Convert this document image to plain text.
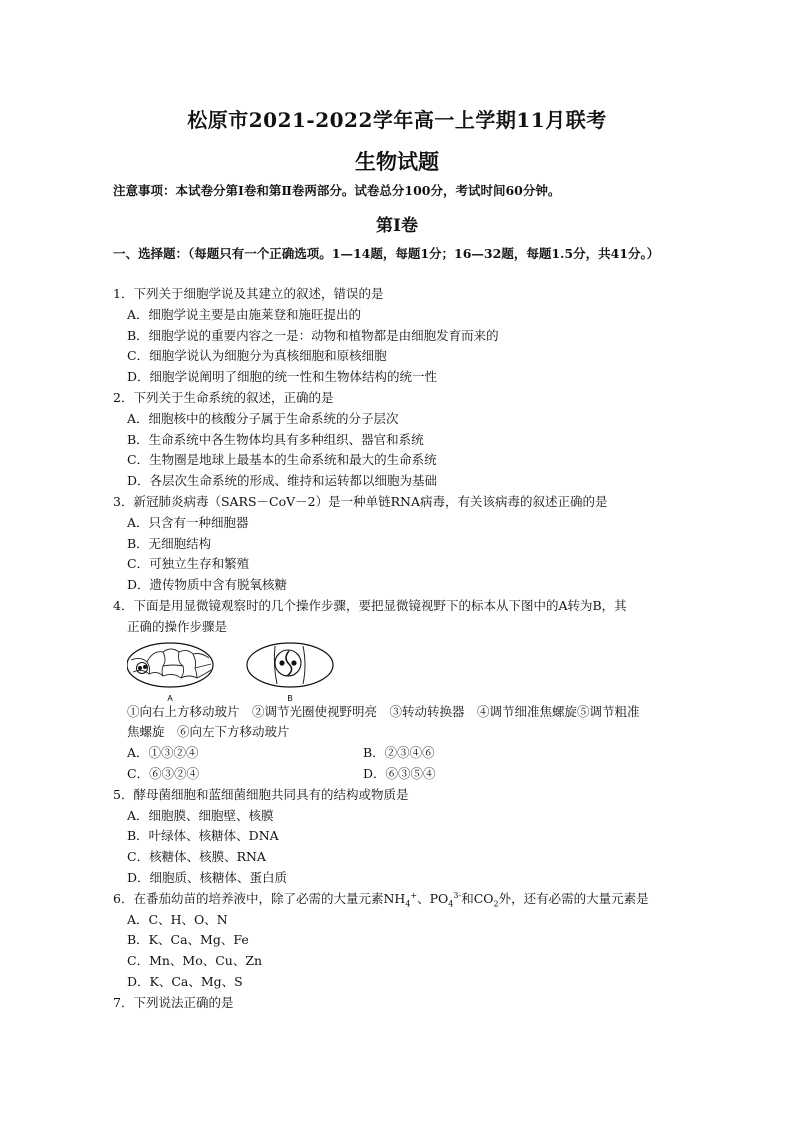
松原市2021-2022学年高一上学期11月联考
生物试题
注意事项：本试卷分第Ⅰ卷和第Ⅱ卷两部分。试卷总分100分，考试时间60分钟。
第Ⅰ卷
一、选择题：（每题只有一个正确选项。1—14题，每题1分；16—32题，每题1.5分，共41分。）
1．下列关于细胞学说及其建立的叙述，错误的是
A．细胞学说主要是由施莱登和施旺提出的
B．细胞学说的重要内容之一是：动物和植物都是由细胞发育而来的
C．细胞学说认为细胞分为真核细胞和原核细胞
D．细胞学说阐明了细胞的统一性和生物体结构的统一性
2．下列关于生命系统的叙述，正确的是
A．细胞核中的核酸分子属于生命系统的分子层次
B．生命系统中各生物体均具有多种组织、器官和系统
C．生物圈是地球上最基本的生命系统和最大的生命系统
D．各层次生命系统的形成、维持和运转都以细胞为基础
3．新冠肺炎病毒（SARS－CoV－2）是一种单链RNA病毒，有关该病毒的叙述正确的是
A．只含有一种细胞器
B．无细胞结构
C．可独立生存和繁殖
D．遗传物质中含有脱氧核糖
4．下面是用显微镜观察时的几个操作步骤，要把显微镜视野下的标本从下图中的A转为B，其
正确的操作步骤是
A	B
①向右上方移动玻片　②调节光圈使视野明亮　③转动转换器　④调节细准焦螺旋⑤调节粗准
焦螺旋　⑥向左下方移动玻片
A．①③②④	B．②③④⑥
C．⑥③②④	D．⑥③⑤④
5．酵母菌细胞和蓝细菌细胞共同具有的结构或物质是
A．细胞膜、细胞壁、核膜
B．叶绿体、核糖体、DNA
C．核糖体、核膜、RNA
D．细胞质、核糖体、蛋白质
6．在番茄幼苗的培养液中，除了必需的大量元素$NH_4^+$、$PO_4^{3-}$和$CO_2$外，还有必需的大量元素是
A．C、H、O、N
B．K、Ca、Mg、Fe
C．Mn、Mo、Cu、Zn
D．K、Ca、Mg、S
7．下列说法正确的是
